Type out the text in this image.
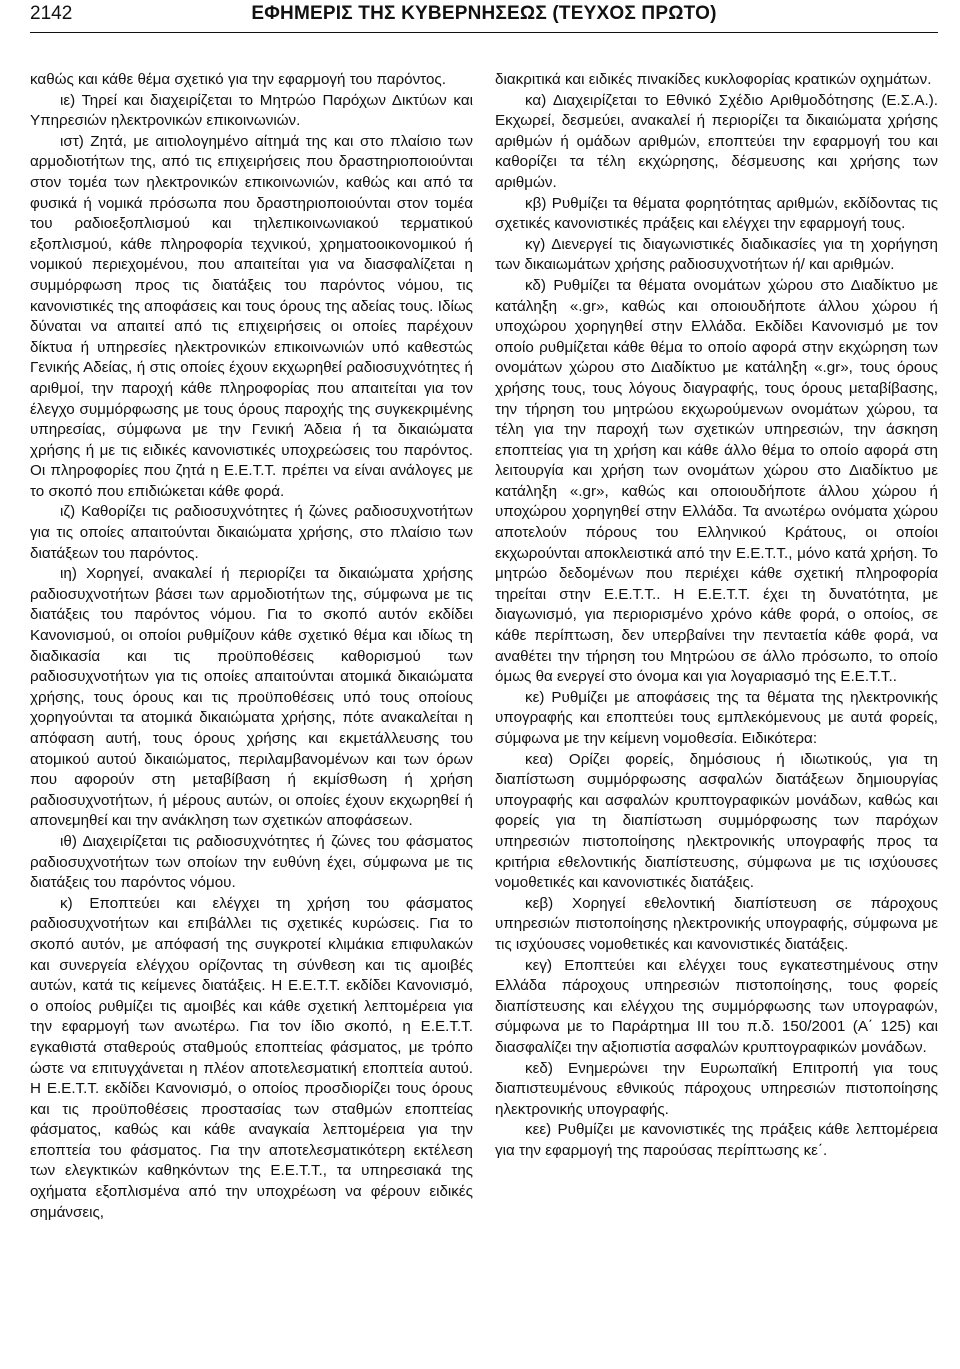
2142	ΕΦΗΜΕΡΙΣ ΤΗΣ ΚΥΒΕΡΝΗΣΕΩΣ (ΤΕΥΧΟΣ ΠΡΩΤΟ)

καθώς και κάθε θέμα σχετικό για την εφαρμογή του παρόντος.

ιε) Τηρεί και διαχειρίζεται το Μητρώο Παρόχων Δικτύων και Υπηρεσιών ηλεκτρονικών επικοινωνιών.

ιστ) Ζητά, με αιτιολογημένο αίτημά της και στο πλαίσιο των αρμοδιοτήτων της, από τις επιχειρήσεις που δραστηριοποιούνται στον τομέα των ηλεκτρονικών επικοινωνιών, καθώς και από τα φυσικά ή νομικά πρόσωπα που δραστηριοποιούνται στον τομέα του ραδιοεξοπλισμού και τηλεπικοινωνιακού τερματικού εξοπλισμού, κάθε πληροφορία τεχνικού, χρηματοοικονομικού ή νομικού περιεχομένου, που απαιτείται για να διασφαλίζεται η συμμόρφωση προς τις διατάξεις του παρόντος νόμου, τις κανονιστικές της αποφάσεις και τους όρους της αδείας τους. Ιδίως δύναται να απαιτεί από τις επιχειρήσεις οι οποίες παρέχουν δίκτυα ή υπηρεσίες ηλεκτρονικών επικοινωνιών υπό καθεστώς Γενικής Αδείας, ή στις οποίες έχουν εκχωρηθεί ραδιοσυχνότητες ή αριθμοί, την παροχή κάθε πληροφορίας που απαιτείται για τον έλεγχο συμμόρφωσης με τους όρους παροχής της συγκεκριμένης υπηρεσίας, σύμφωνα με την Γενική Άδεια ή τα δικαιώματα χρήσης ή με τις ειδικές κανονιστικές υποχρεώσεις του παρόντος. Οι πληροφορίες που ζητά η Ε.Ε.Τ.Τ. πρέπει να είναι ανάλογες με το σκοπό που επιδιώκεται κάθε φορά.

ιζ) Καθορίζει τις ραδιοσυχνότητες ή ζώνες ραδιοσυχνοτήτων για τις οποίες απαιτούνται δικαιώματα χρήσης, στο πλαίσιο των διατάξεων του παρόντος.

ιη) Χορηγεί, ανακαλεί ή περιορίζει τα δικαιώματα χρήσης ραδιοσυχνοτήτων βάσει των αρμοδιοτήτων της, σύμφωνα με τις διατάξεις του παρόντος νόμου. Για το σκοπό αυτόν εκδίδει Κανονισμού, οι οποίοι ρυθμίζουν κάθε σχετικό θέμα και ιδίως τη διαδικασία και τις προϋποθέσεις καθορισμού των ραδιοσυχνοτήτων για τις οποίες απαιτούνται ατομικά δικαιώματα χρήσης, τους όρους και τις προϋποθέσεις υπό τους οποίους χορηγούνται τα ατομικά δικαιώματα χρήσης, πότε ανακαλείται η απόφαση αυτή, τους όρους χρήσης και εκμετάλλευσης του ατομικού αυτού δικαιώματος, περιλαμβανομένων και των όρων που αφορούν στη μεταβίβαση ή εκμίσθωση ή χρήση ραδιοσυχνοτήτων, ή μέρους αυτών, οι οποίες έχουν εκχωρηθεί ή απονεμηθεί και την ανάκληση των σχετικών αποφάσεων.

ιθ) Διαχειρίζεται τις ραδιοσυχνότητες ή ζώνες του φάσματος ραδιοσυχνοτήτων των οποίων την ευθύνη έχει, σύμφωνα με τις διατάξεις του παρόντος νόμου.

κ) Εποπτεύει και ελέγχει τη χρήση του φάσματος ραδιοσυχνοτήτων και επιβάλλει τις σχετικές κυρώσεις. Για το σκοπό αυτόν, με απόφασή της συγκροτεί κλιμάκια επιφυλακών και συνεργεία ελέγχου ορίζοντας τη σύνθεση και τις αμοιβές αυτών, κατά τις κείμενες διατάξεις. Η Ε.Ε.Τ.Τ. εκδίδει Κανονισμό, ο οποίος ρυθμίζει τις αμοιβές και κάθε σχετική λεπτομέρεια για την εφαρμογή των ανωτέρω. Για τον ίδιο σκοπό, η Ε.Ε.Τ.Τ. εγκαθιστά σταθερούς σταθμούς εποπτείας φάσματος, με τρόπο ώστε να επιτυγχάνεται η πλέον αποτελεσματική εποπτεία αυτού. Η Ε.Ε.Τ.Τ. εκδίδει Κανονισμό, ο οποίος προσδιορίζει τους όρους και τις προϋποθέσεις προστασίας των σταθμών εποπτείας φάσματος, καθώς και κάθε αναγκαία λεπτομέρεια για την εποπτεία του φάσματος. Για την αποτελεσματικότερη εκτέλεση των ελεγκτικών καθηκόντων της Ε.Ε.Τ.Τ., τα υπηρεσιακά της οχήματα εξοπλισμένα από την υποχρέωση να φέρουν ειδικές σημάνσεις,

διακριτικά και ειδικές πινακίδες κυκλοφορίας κρατικών οχημάτων.

κα) Διαχειρίζεται το Εθνικό Σχέδιο Αριθμοδότησης (Ε.Σ.Α.). Εκχωρεί, δεσμεύει, ανακαλεί ή περιορίζει τα δικαιώματα χρήσης αριθμών ή ομάδων αριθμών, εποπτεύει την εφαρμογή του και καθορίζει τα τέλη εκχώρησης, δέσμευσης και χρήσης των αριθμών.

κβ) Ρυθμίζει τα θέματα φορητότητας αριθμών, εκδίδοντας τις σχετικές κανονιστικές πράξεις και ελέγχει την εφαρμογή τους.

κγ) Διενεργεί τις διαγωνιστικές διαδικασίες για τη χορήγηση των δικαιωμάτων χρήσης ραδιοσυχνοτήτων ή/ και αριθμών.

κδ) Ρυθμίζει τα θέματα ονομάτων χώρου στο Διαδίκτυο με κατάληξη «.gr», καθώς και οποιουδήποτε άλλου χώρου ή υποχώρου χορηγηθεί στην Ελλάδα. Εκδίδει Κανονισμό με τον οποίο ρυθμίζεται κάθε θέμα το οποίο αφορά στην εκχώρηση των ονομάτων χώρου στο Διαδίκτυο με κατάληξη «.gr», τους όρους χρήσης τους, τους λόγους διαγραφής, τους όρους μεταβίβασης, την τήρηση του μητρώου εκχωρούμενων ονομάτων χώρου, τα τέλη για την παροχή των σχετικών υπηρεσιών, την άσκηση εποπτείας για τη χρήση και κάθε άλλο θέμα το οποίο αφορά στη λειτουργία και χρήση των ονομάτων χώρου στο Διαδίκτυο με κατάληξη «.gr», καθώς και οποιουδήποτε άλλου χώρου ή υποχώρου χορηγηθεί στην Ελλάδα. Τα ανωτέρω ονόματα χώρου αποτελούν πόρους του Ελληνικού Κράτους, οι οποίοι εκχωρούνται αποκλειστικά από την Ε.Ε.Τ.Τ., μόνο κατά χρήση. Το μητρώο δεδομένων που περιέχει κάθε σχετική πληροφορία τηρείται στην Ε.Ε.Τ.Τ.. Η Ε.Ε.Τ.Τ. έχει τη δυνατότητα, με διαγωνισμό, για περιορισμένο χρόνο κάθε φορά, ο οποίος, σε κάθε περίπτωση, δεν υπερβαίνει την πενταετία κάθε φορά, να αναθέτει την τήρηση του Μητρώου σε άλλο πρόσωπο, το οποίο όμως θα ενεργεί στο όνομα και για λογαριασμό της Ε.Ε.Τ.Τ..

κε) Ρυθμίζει με αποφάσεις της τα θέματα της ηλεκτρονικής υπογραφής και εποπτεύει τους εμπλεκόμενους με αυτά φορείς, σύμφωνα με την κείμενη νομοθεσία. Ειδικότερα:

κεα) Ορίζει φορείς, δημόσιους ή ιδιωτικούς, για τη διαπίστωση συμμόρφωσης ασφαλών διατάξεων δημιουργίας υπογραφής και ασφαλών κρυπτογραφικών μονάδων, καθώς και φορείς για τη διαπίστωση συμμόρφωσης των παρόχων υπηρεσιών πιστοποίησης ηλεκτρονικής υπογραφής προς τα κριτήρια εθελοντικής διαπίστευσης, σύμφωνα με τις ισχύουσες νομοθετικές και κανονιστικές διατάξεις.

κεβ) Χορηγεί εθελοντική διαπίστευση σε πάροχους υπηρεσιών πιστοποίησης ηλεκτρονικής υπογραφής, σύμφωνα με τις ισχύουσες νομοθετικές και κανονιστικές διατάξεις.

κεγ) Εποπτεύει και ελέγχει τους εγκατεστημένους στην Ελλάδα πάροχους υπηρεσιών πιστοποίησης, τους φορείς διαπίστευσης και ελέγχου της συμμόρφωσης των υπογραφών, σύμφωνα με το Παράρτημα ΙΙΙ του π.δ. 150/2001 (Α΄ 125) και διασφαλίζει την αξιοπιστία ασφαλών κρυπτογραφικών μονάδων.

κεδ) Ενημερώνει την Ευρωπαϊκή Επιτροπή για τους διαπιστευμένους εθνικούς πάροχους υπηρεσιών πιστοποίησης ηλεκτρονικής υπογραφής.

κεε) Ρυθμίζει με κανονιστικές της πράξεις κάθε λεπτομέρεια για την εφαρμογή της παρούσας περίπτωσης κε΄.
